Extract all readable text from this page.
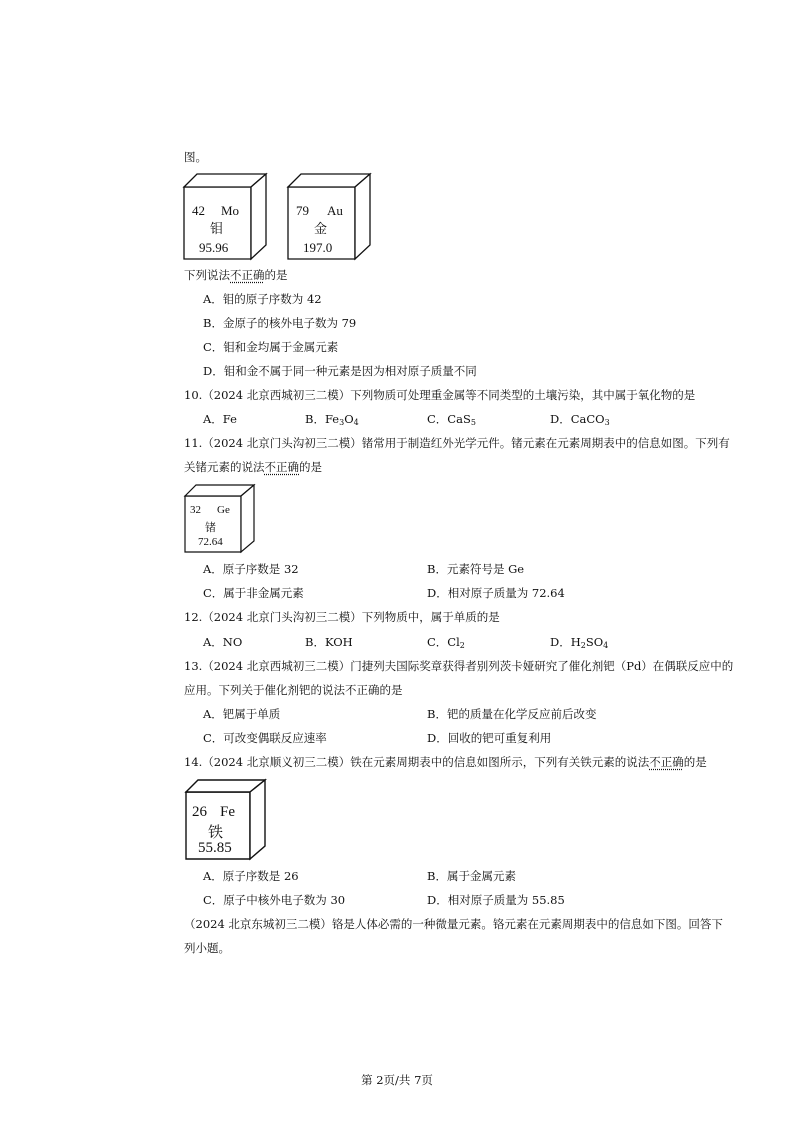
图。
42 Mo
钼
95.96
79 Au
金
197.0
下列说法不正确的是
A．钼的原子序数为 42
B．金原子的核外电子数为 79
C．钼和金均属于金属元素
D．钼和金不属于同一种元素是因为相对原子质量不同
10.（2024 北京西城初三二模）下列物质可处理重金属等不同类型的土壤污染，其中属于氧化物的是
A．Fe	B．$Fe_3O_4$	C．CaS$_5$	D．CaCO$_3$
11.（2024 北京门头沟初三二模）锗常用于制造红外光学元件。锗元素在元素周期表中的信息如图。下列有
关锗元素的说法不正确的是
32 Ge
锗
72.64
A．原子序数是 32	B．元素符号是 Ge
C．属于非金属元素	D．相对原子质量为 72.64
12.（2024 北京门头沟初三二模）下列物质中，属于单质的是
A．NO	B．KOH	C．$Cl_2$	D．$H_2SO_4$
13.（2024 北京西城初三二模）门捷列夫国际奖章获得者别列茨卡娅研究了催化剂钯（Pd）在偶联反应中的
应用。下列关于催化剂钯的说法不正确的是
A．钯属于单质	B．钯的质量在化学反应前后改变
C．可改变偶联反应速率	D．回收的钯可重复利用
14.（2024 北京顺义初三二模）铁在元素周期表中的信息如图所示，下列有关铁元素的说法不正确的是
26 Fe
铁
55.85
A．原子序数是 26	B．属于金属元素
C．原子中核外电子数为 30	D．相对原子质量为 55.85
（2024 北京东城初三二模）铬是人体必需的一种微量元素。铬元素在元素周期表中的信息如下图。回答下
列小题。
第 2页/共 7页
